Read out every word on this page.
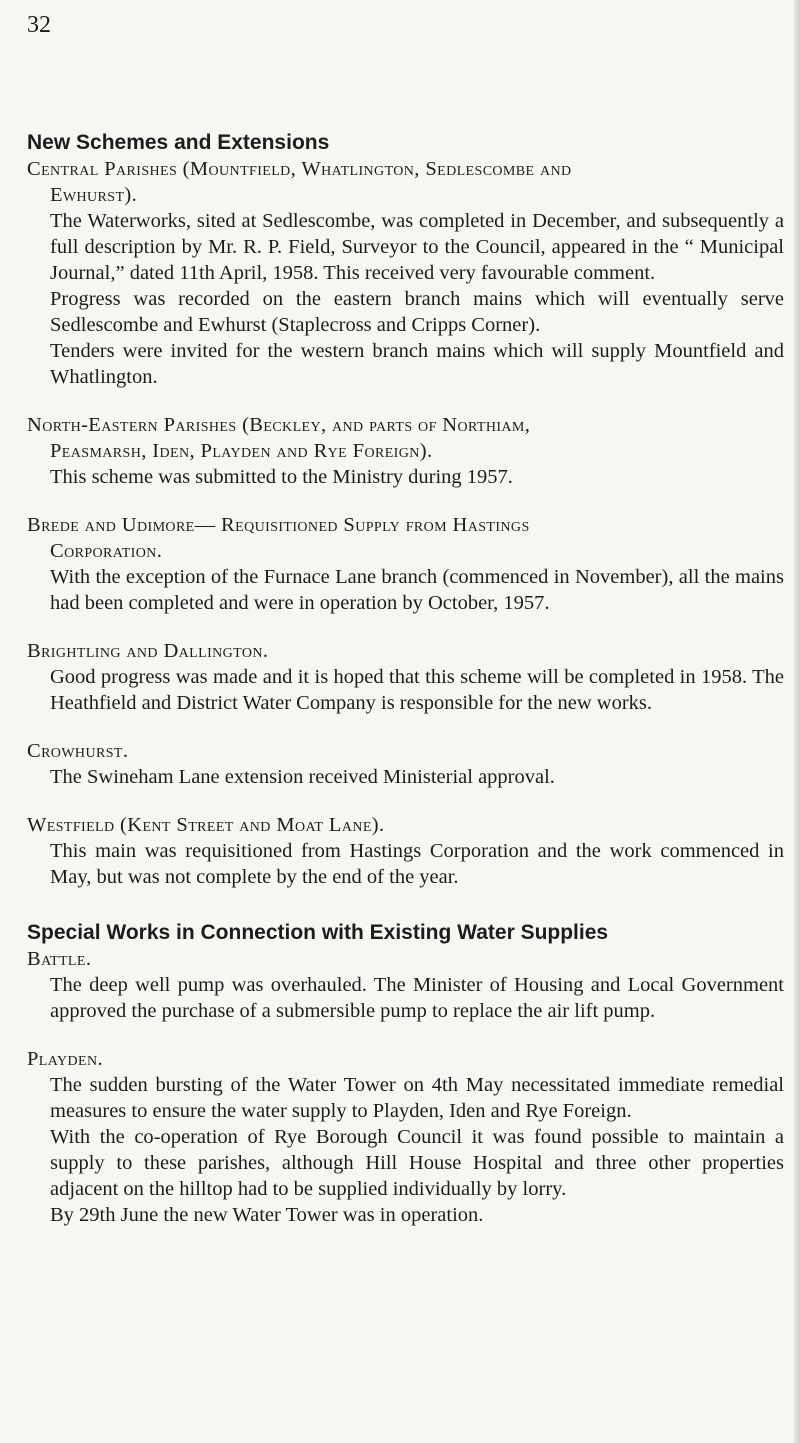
32
New Schemes and Extensions
Central Parishes (Mountfield, Whatlington, Sedlescombe and
Ewhurst).

The Waterworks, sited at Sedlescombe, was completed in December, and subsequently a full description by Mr. R. P. Field, Surveyor to the Council, appeared in the “ Municipal Journal,” dated 11th April, 1958. This received very favourable comment.

Progress was recorded on the eastern branch mains which will eventually serve Sedlescombe and Ewhurst (Staplecross and Cripps Corner).

Tenders were invited for the western branch mains which will supply Mountfield and Whatlington.

North-Eastern Parishes (Beckley, and parts of Northiam,
Peasmarsh, Iden, Playden and Rye Foreign).

This scheme was submitted to the Ministry during 1957.

Brede and Udimore— Requisitioned Supply from Hastings
Corporation.

With the exception of the Furnace Lane branch (commenced in November), all the mains had been completed and were in operation by October, 1957.

Brightling and Dallington.

Good progress was made and it is hoped that this scheme will be completed in 1958. The Heathfield and District Water Company is responsible for the new works.

Crowhurst.

The Swineham Lane extension received Ministerial approval.

Westfield (Kent Street and Moat Lane).

This main was requisitioned from Hastings Corporation and the work commenced in May, but was not complete by the end of the year.

Special Works in Connection with Existing Water Supplies
Battle.

The deep well pump was overhauled. The Minister of Housing and Local Government approved the purchase of a submersible pump to replace the air lift pump.

Playden.

The sudden bursting of the Water Tower on 4th May necessitated immediate remedial measures to ensure the water supply to Playden, Iden and Rye Foreign.

With the co-operation of Rye Borough Council it was found possible to maintain a supply to these parishes, although Hill House Hospital and three other properties adjacent on the hilltop had to be supplied individually by lorry.

By 29th June the new Water Tower was in operation.
